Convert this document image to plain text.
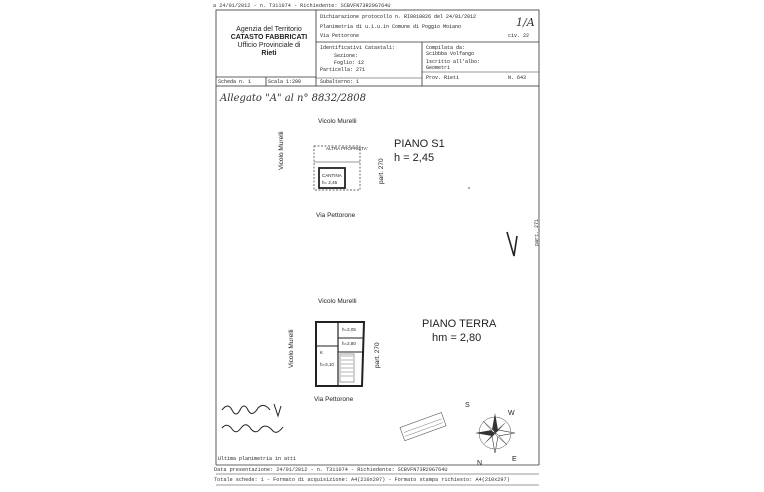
a 24/01/2012 - n. T311074 - Richiedente: SCBVFN73R29G764U
Agenzia del Territorio
CATASTO FABBRICATI
Ufficio Provinciale di
Rieti
Dichiarazione protocollo n. RI0010826 del 24/01/2012
Planimetria di u.i.u.in Comune di Poggio Moiano
Via Pettorone	civ. 22
1/A
Identificativi Catastali:
Sezione:
Foglio: 12
Particella: 271
Subalterno: 1
Compilata da:
Scibbba Volfango
Iscritto all'albo:
Geometri
Prov. Rieti	N. 643
Scheda n. 1	Scala 1:200
Allegato "A" al n° 8832/2808
Vicolo Murelli
Vicolo Murelli
part. 270
Via Pettorone
ALTRA PROPRIETA'
CANTINA
h= 2,45
PIANO S1
h = 2,45
Vicolo Murelli
Vicolo Murelli	part. 270
Via Pettorone
h=2,05
h=2,80
K
h=3,10
PIANO TERRA
hm = 2,80
S
W
E
N
part. 271
Ultima planimetria in atti
Data presentazione: 24/01/2012 - n. T311074 - Richiedente: SCBVFN73R29G764U
Totale schede: 1 - Formato di acquisizione: A4(210x297) - Formato stampa richiesto: A4(210x297)
